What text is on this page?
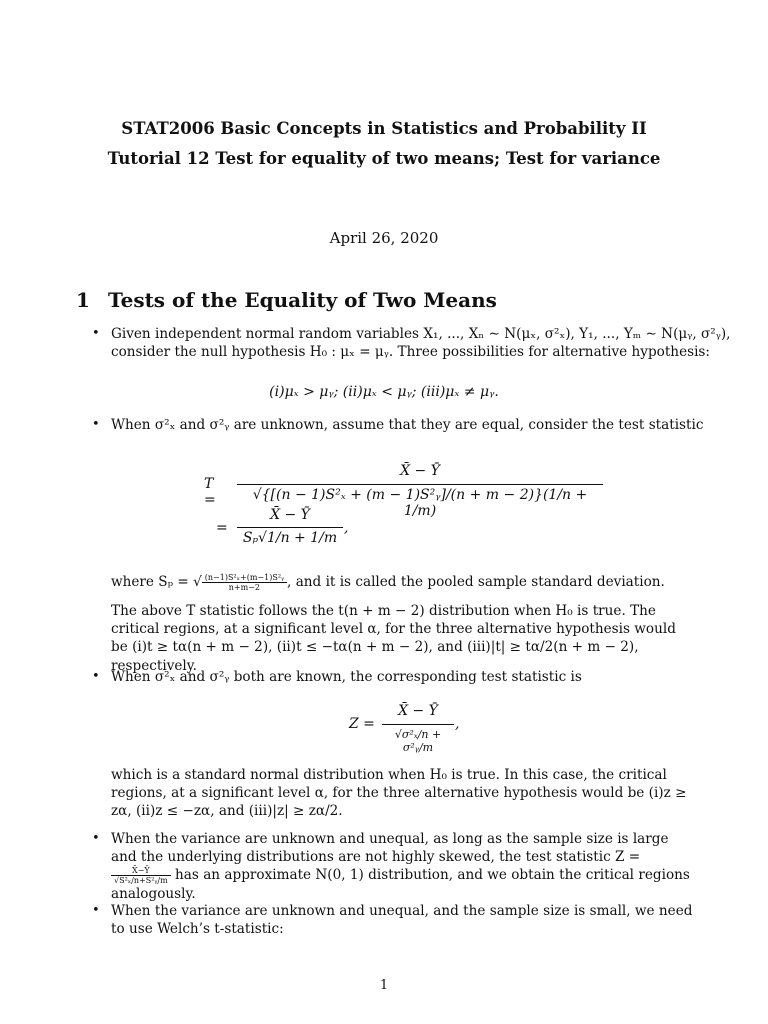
STAT2006 Basic Concepts in Statistics and Probability II
Tutorial 12 Test for equality of two means; Test for variance
April 26, 2020
1 Tests of the Equality of Two Means
• Given independent normal random variables X₁, ..., Xₙ ∼ N(μₓ, σ²ₓ), Y₁, ..., Yₘ ∼ N(μᵧ, σ²ᵧ),
consider the null hypothesis H₀ : μₓ = μᵧ. Three possibilities for alternative hypothesis:
(i)μₓ > μᵧ; (ii)μₓ < μᵧ; (iii)μₓ ≠ μᵧ.
• When σ²ₓ and σ²ᵧ are unknown, assume that they are equal, consider the test statistic
T =
X̄ − Ȳ
√{[(n − 1)S²ₓ + (m − 1)S²ᵧ]/(n + m − 2)}(1/n + 1/m)
=
X̄ − Ȳ
Sₚ√1/n + 1/m
,
where Sₚ = √ $\frac{\text{(n−1)S²ₓ+(m−1)S²ᵧ}}{n+m-2}$ , and it is called the pooled sample standard deviation.
The above T statistic follows the t(n + m − 2) distribution when H₀ is true. The critical regions, at a significant level α, for the three alternative hypothesis would be (i)t ≥ tα(n + m − 2), (ii)t ≤ −tα(n + m − 2), and (iii)|t| ≥ tα/2(n + m − 2), respectively.
• When σ²ₓ and σ²ᵧ both are known, the corresponding test statistic is
Z =
X̄ − Ȳ
√σ²ₓ/n + σ²ᵧ/m
,
which is a standard normal distribution when H₀ is true. In this case, the critical regions, at a significant level α, for the three alternative hypothesis would be (i)z ≥ zα, (ii)z ≤ −zα, and (iii)|z| ≥ zα/2.
• When the variance are unknown and unequal, as long as the sample size is large and the underlying distributions are not highly skewed, the test statistic Z =
$\frac{X̄-Ȳ}{\text{√S²ₓ/n+S²ᵧ/m}}$ has an approximate N(0, 1) distribution, and we obtain the critical regions analogously.
• When the variance are unknown and unequal, and the sample size is small, we need to use Welch’s t-statistic:
1
